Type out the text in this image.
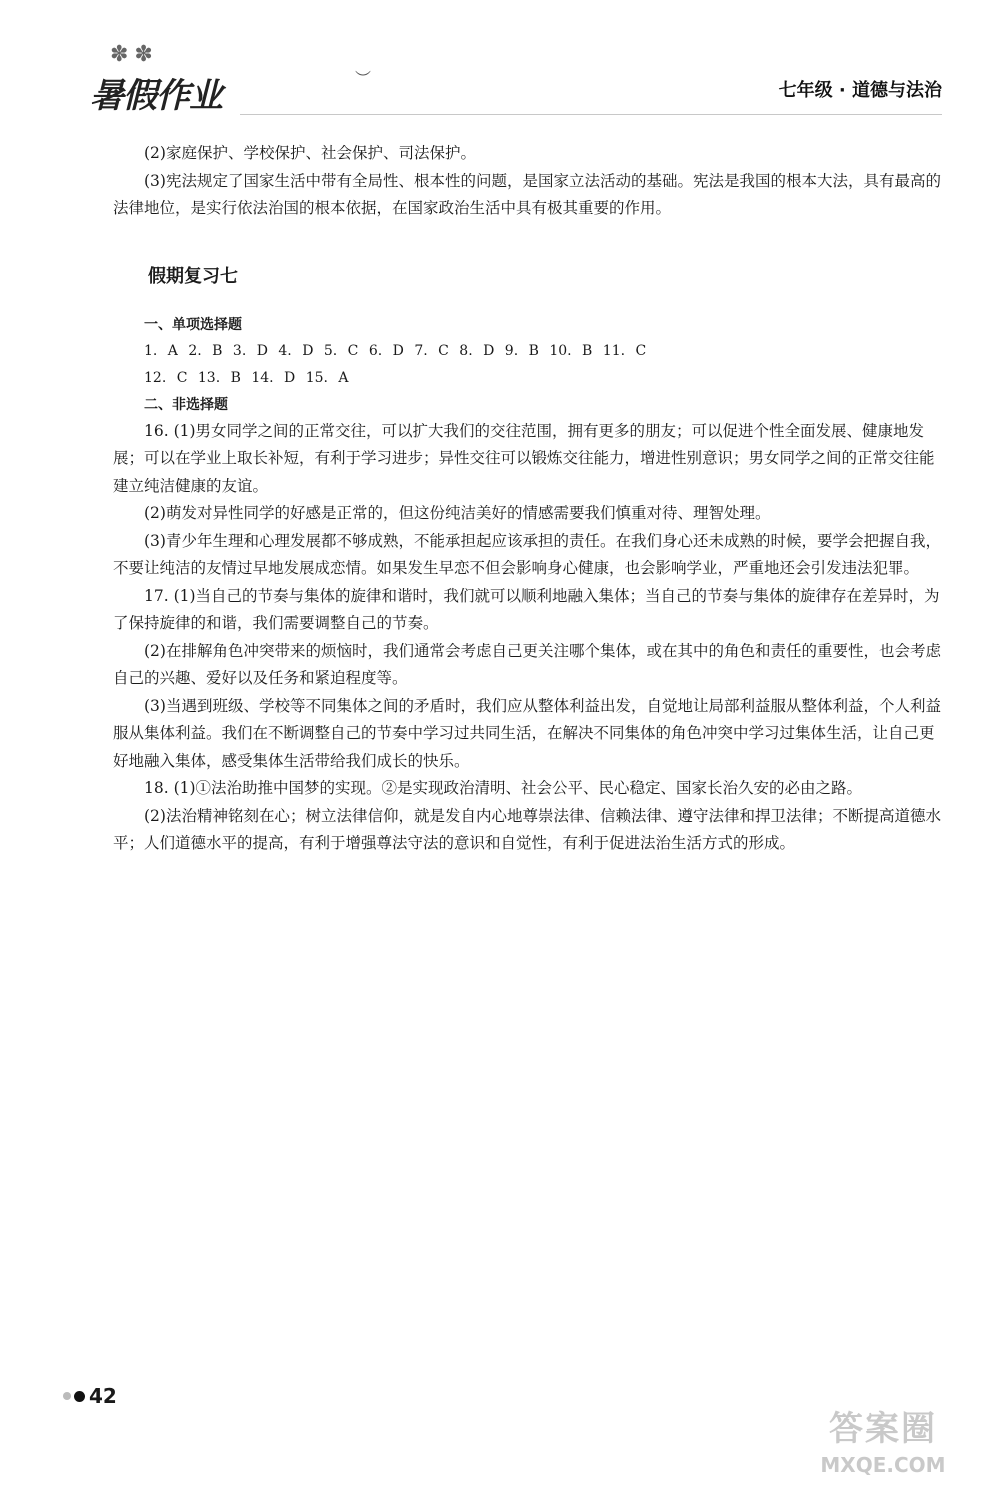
✽✽
暑假作业	︶
七年级 · 道德与法治

(2)家庭保护、学校保护、社会保护、司法保护。

(3)宪法规定了国家生活中带有全局性、根本性的问题，是国家立法活动的基础。宪法是我国的根本大法，具有最高的法律地位，是实行依法治国的根本依据，在国家政治生活中具有极其重要的作用。

假期复习七
一、单项选择题
1. A 2. B 3. D 4. D 5. C 6. D 7. C 8. D 9. B 10. B 11. C
12. C 13. B 14. D 15. A
二、非选择题

16. (1)男女同学之间的正常交往，可以扩大我们的交往范围，拥有更多的朋友；可以促进个性全面发展、健康地发展；可以在学业上取长补短，有利于学习进步；异性交往可以锻炼交往能力，增进性别意识；男女同学之间的正常交往能建立纯洁健康的友谊。

(2)萌发对异性同学的好感是正常的，但这份纯洁美好的情感需要我们慎重对待、理智处理。

(3)青少年生理和心理发展都不够成熟，不能承担起应该承担的责任。在我们身心还未成熟的时候，要学会把握自我，不要让纯洁的友情过早地发展成恋情。如果发生早恋不但会影响身心健康，也会影响学业，严重地还会引发违法犯罪。

17. (1)当自己的节奏与集体的旋律和谐时，我们就可以顺利地融入集体；当自己的节奏与集体的旋律存在差异时，为了保持旋律的和谐，我们需要调整自己的节奏。

(2)在排解角色冲突带来的烦恼时，我们通常会考虑自己更关注哪个集体，或在其中的角色和责任的重要性，也会考虑自己的兴趣、爱好以及任务和紧迫程度等。

(3)当遇到班级、学校等不同集体之间的矛盾时，我们应从整体利益出发，自觉地让局部利益服从整体利益，个人利益服从集体利益。我们在不断调整自己的节奏中学习过共同生活，在解决不同集体的角色冲突中学习过集体生活，让自己更好地融入集体，感受集体生活带给我们成长的快乐。

18. (1)①法治助推中国梦的实现。②是实现政治清明、社会公平、民心稳定、国家长治久安的必由之路。

(2)法治精神铭刻在心；树立法律信仰，就是发自内心地尊崇法律、信赖法律、遵守法律和捍卫法律；不断提高道德水平；人们道德水平的提高，有利于增强尊法守法的意识和自觉性，有利于促进法治生活方式的形成。

42
答案圈
MXQE.COM
